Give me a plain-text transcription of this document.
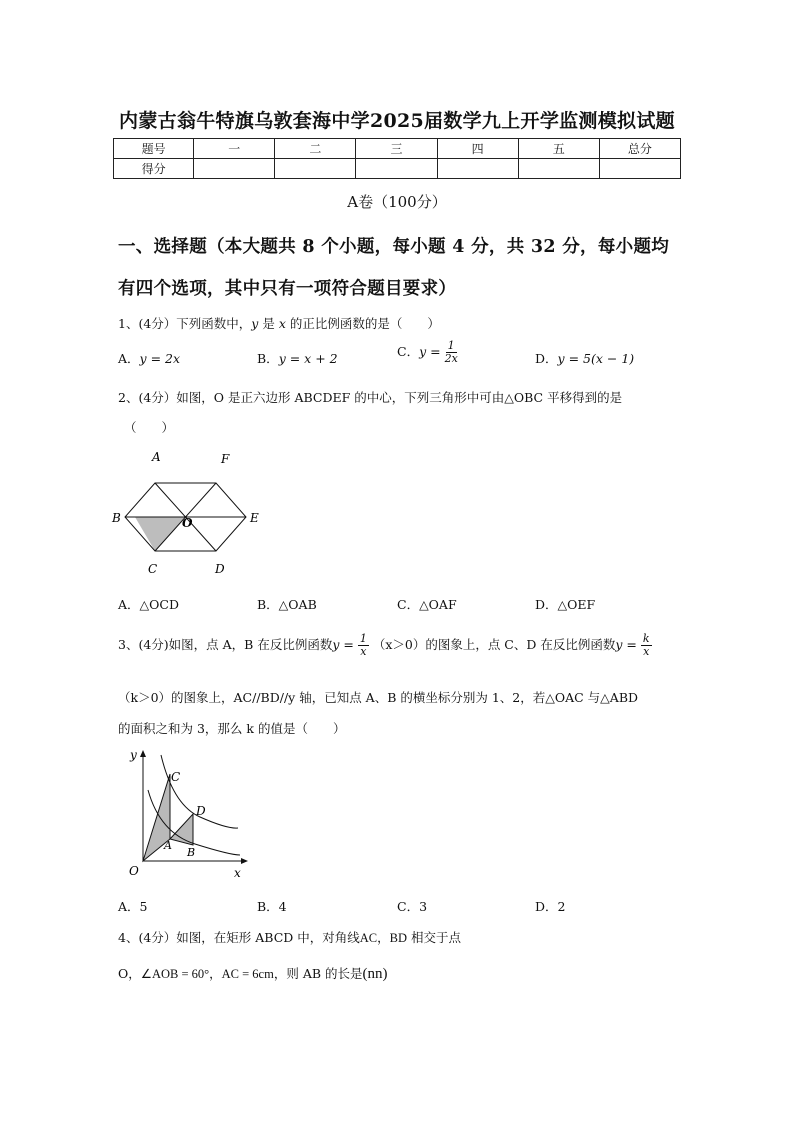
内蒙古翁牛特旗乌敦套海中学2025届数学九上开学监测模拟试题
题号	一	二	三	四	五	总分
得分						
A卷（100分）
一、选择题（本大题共 8 个小题，每小题 4 分，共 32 分，每小题均
有四个选项，其中只有一项符合题目要求）
1、(4分）下列函数中，y 是 x 的正比例函数的是（　　）
A．y = 2x	B．y = x + 2	C．$y = \frac{1}{2x}$	D．y = 5(x − 1)
2、(4分）如图，O 是正六边形 ABCDEF 的中心，下列三角形中可由△OBC 平移得到的是
（　　）
A	F
B	O	E
C	D
A．△OCD	B．△OAB	C．△OAF	D．△OEF
3、(4分)如图，点 A，B 在反比例函数$y = \frac{1}{x} (x>0)$的图象上，点 C、D 在反比例函数$y = \frac{k}{x}$
（k＞0）的图象上，AC//BD//y 轴，已知点 A、B 的横坐标分别为 1、2，若△OAC 与△ABD
的面积之和为 3，那么 k 的值是（　　）
y
x
O
A
B
C
D
A．5	B．4	C．3	D．2
4、(4分）如图，在矩形 ABCD 中，对角线AC，BD 相交于点
O，∠AOB = 60°，AC = 6cm，则 AB 的长是(nn)
